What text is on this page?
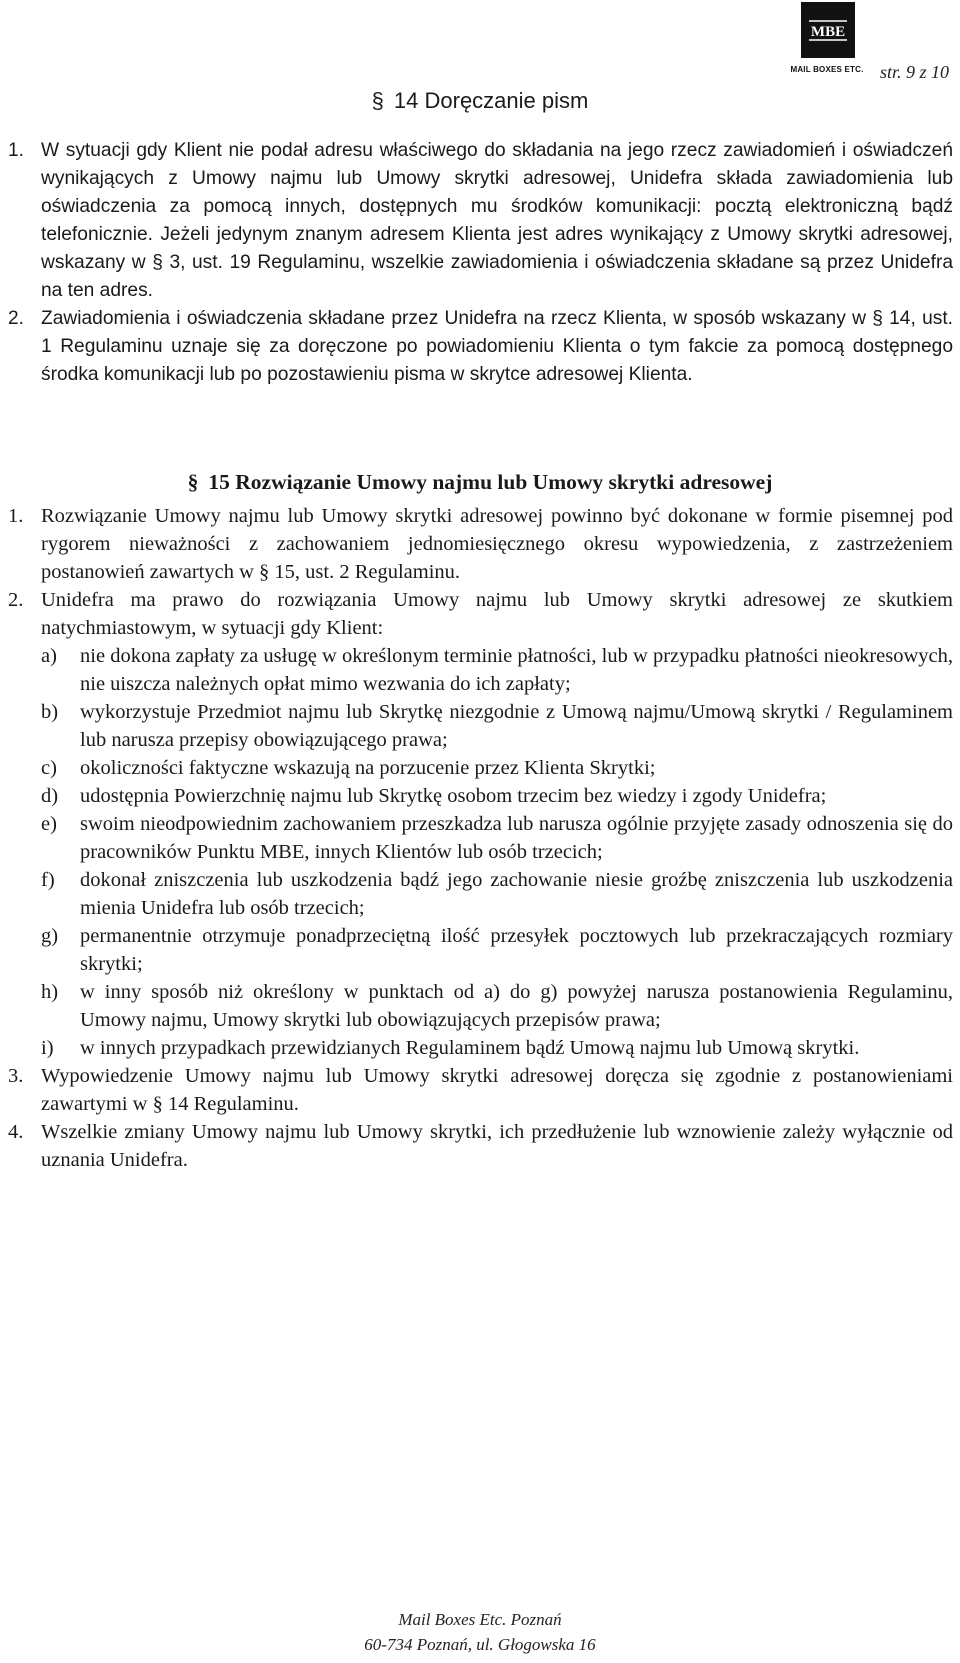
MBE
MAIL BOXES ETC. str. 9 z 10
§ 14 Doręczanie pism
1. W sytuacji gdy Klient nie podał adresu właściwego do składania na jego rzecz zawiadomień i oświadczeń wynikających z Umowy najmu lub Umowy skrytki adresowej, Unidefra składa zawiadomienia lub oświadczenia za pomocą innych, dostępnych mu środków komunikacji: pocztą elektroniczną bądź telefonicznie. Jeżeli jedynym znanym adresem Klienta jest adres wynikający z Umowy skrytki adresowej, wskazany w § 3, ust. 19 Regulaminu, wszelkie zawiadomienia i oświadczenia składane są przez Unidefra na ten adres.
2. Zawiadomienia i oświadczenia składane przez Unidefra na rzecz Klienta, w sposób wskazany w § 14, ust. 1 Regulaminu uznaje się za doręczone po powiadomieniu Klienta o tym fakcie za pomocą dostępnego środka komunikacji lub po pozostawieniu pisma w skrytce adresowej Klienta.
§ 15 Rozwiązanie Umowy najmu lub Umowy skrytki adresowej
1. Rozwiązanie Umowy najmu lub Umowy skrytki adresowej powinno być dokonane w formie pisemnej pod rygorem nieważności z zachowaniem jednomiesięcznego okresu wypowiedzenia, z zastrzeżeniem postanowień zawartych w § 15, ust. 2 Regulaminu.
2. Unidefra ma prawo do rozwiązania Umowy najmu lub Umowy skrytki adresowej ze skutkiem natychmiastowym, w sytuacji gdy Klient:
a) nie dokona zapłaty za usługę w określonym terminie płatności, lub w przypadku płatności nieokresowych, nie uiszcza należnych opłat mimo wezwania do ich zapłaty;
b) wykorzystuje Przedmiot najmu lub Skrytkę niezgodnie z Umową najmu/Umową skrytki / Regulaminem lub narusza przepisy obowiązującego prawa;
c) okoliczności faktyczne wskazują na porzucenie przez Klienta Skrytki;
d) udostępnia Powierzchnię najmu lub Skrytkę osobom trzecim bez wiedzy i zgody Unidefra;
e) swoim nieodpowiednim zachowaniem przeszkadza lub narusza ogólnie przyjęte zasady odnoszenia się do pracowników Punktu MBE, innych Klientów lub osób trzecich;
f) dokonał zniszczenia lub uszkodzenia bądź jego zachowanie niesie groźbę zniszczenia lub uszkodzenia mienia Unidefra lub osób trzecich;
g) permanentnie otrzymuje ponadprzeciętną ilość przesyłek pocztowych lub przekraczających rozmiary skrytki;
h) w inny sposób niż określony w punktach od a) do g) powyżej narusza postanowienia Regulaminu, Umowy najmu, Umowy skrytki lub obowiązujących przepisów prawa;
i) w innych przypadkach przewidzianych Regulaminem bądź Umową najmu lub Umową skrytki.
3. Wypowiedzenie Umowy najmu lub Umowy skrytki adresowej doręcza się zgodnie z postanowieniami zawartymi w § 14 Regulaminu.
4. Wszelkie zmiany Umowy najmu lub Umowy skrytki, ich przedłużenie lub wznowienie zależy wyłącznie od uznania Unidefra.
Mail Boxes Etc. Poznań
60-734 Poznań, ul. Głogowska 16
